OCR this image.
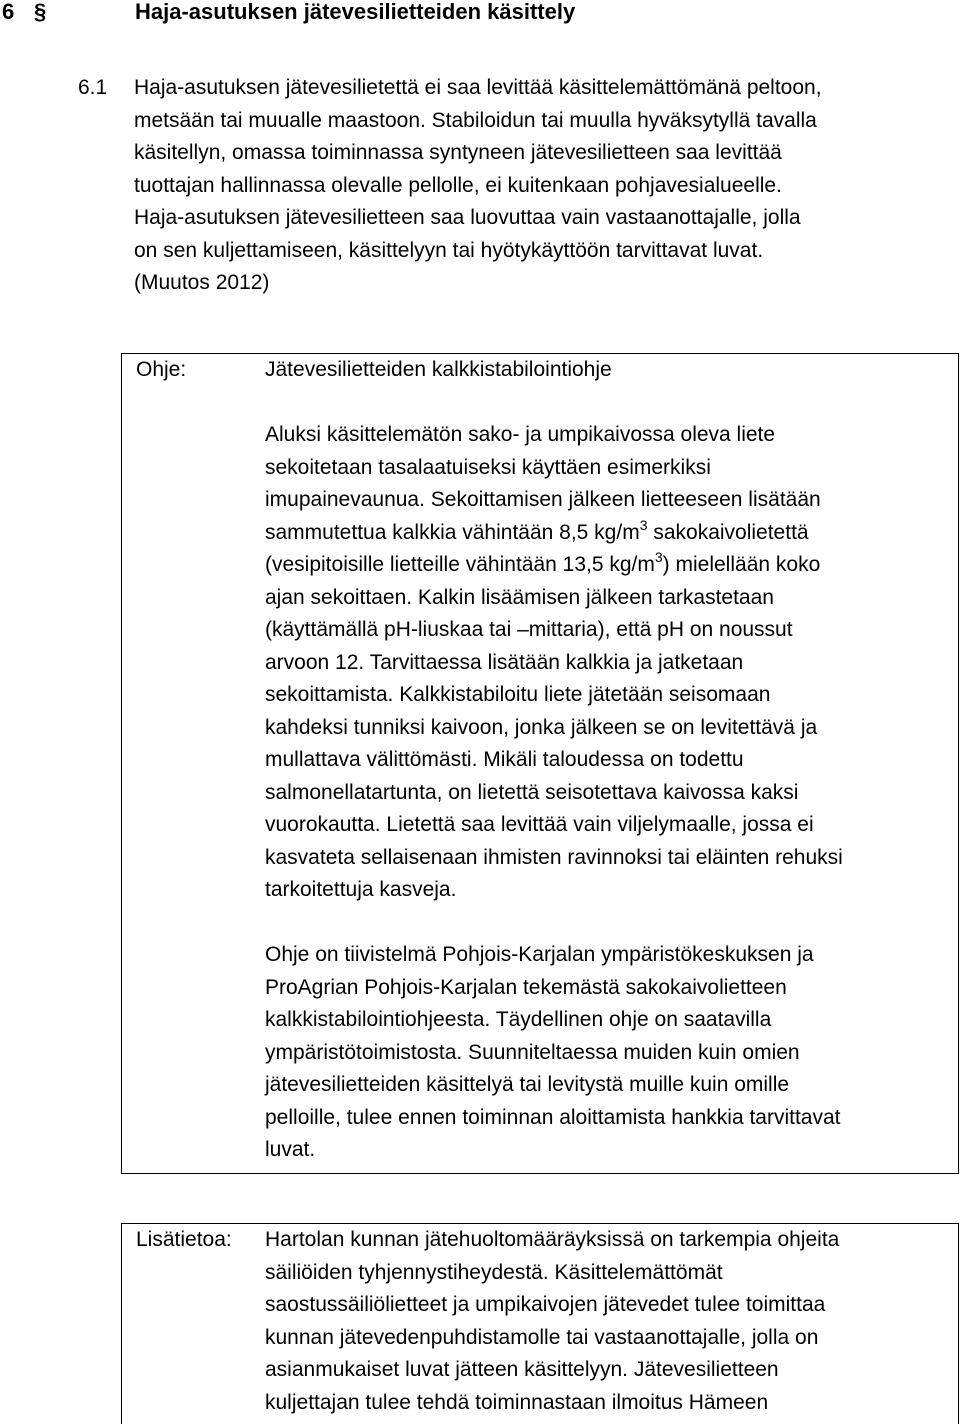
6 §	Haja-asutuksen jätevesilietteiden käsittely
6.1 Haja-asutuksen jätevesilietettä ei saa levittää käsittelemättömänä peltoon,
metsään tai muualle maastoon. Stabiloidun tai muulla hyväksytyllä tavalla
käsitellyn, omassa toiminnassa syntyneen jätevesilietteen saa levittää
tuottajan hallinnassa olevalle pellolle, ei kuitenkaan pohjavesialueelle.
Haja-asutuksen jätevesilietteen saa luovuttaa vain vastaanottajalle, jolla
on sen kuljettamiseen, käsittelyyn tai hyötykäyttöön tarvittavat luvat.
(Muutos 2012)
Ohje:	Jätevesilietteiden kalkkistabilointiohje
Aluksi käsittelemätön sako- ja umpikaivossa oleva liete
sekoitetaan tasalaatuiseksi käyttäen esimerkiksi
imupainevaunua. Sekoittamisen jälkeen lietteeseen lisätään
sammutettua kalkkia vähintään 8,5 $kg/m^3$ sakokaivolietettä
(vesipitoisille lietteille vähintään 13,5 $kg/m^3$) mielellään koko
ajan sekoittaen. Kalkin lisäämisen jälkeen tarkastetaan
(käyttämällä pH-liuskaa tai –mittaria), että pH on noussut
arvoon 12. Tarvittaessa lisätään kalkkia ja jatketaan
sekoittamista. Kalkkistabiloitu liete jätetään seisomaan
kahdeksi tunniksi kaivoon, jonka jälkeen se on levitettävä ja
mullattava välittömästi. Mikäli taloudessa on todettu
salmonellatartunta, on lietettä seisotettava kaivossa kaksi
vuorokautta. Lietettä saa levittää vain viljelymaalle, jossa ei
kasvateta sellaisenaan ihmisten ravinnoksi tai eläinten rehuksi
tarkoitettuja kasveja.
Ohje on tiivistelmä Pohjois-Karjalan ympäristökeskuksen ja
ProAgrian Pohjois-Karjalan tekemästä sakokaivolietteen
kalkkistabilointiohjeesta. Täydellinen ohje on saatavilla
ympäristötoimistosta. Suunniteltaessa muiden kuin omien
jätevesilietteiden käsittelyä tai levitystä muille kuin omille
pelloille, tulee ennen toiminnan aloittamista hankkia tarvittavat
luvat.
Lisätietoa: Hartolan kunnan jätehuoltomääräyksissä on tarkempia ohjeita
säiliöiden tyhjennystiheydestä. Käsittelemättömät
saostussäiliölietteet ja umpikaivojen jätevedet tulee toimittaa
kunnan jätevedenpuhdistamolle tai vastaanottajalle, jolla on
asianmukaiset luvat jätteen käsittelyyn. Jätevesilietteen
kuljettajan tulee tehdä toiminnastaan ilmoitus Hämeen
